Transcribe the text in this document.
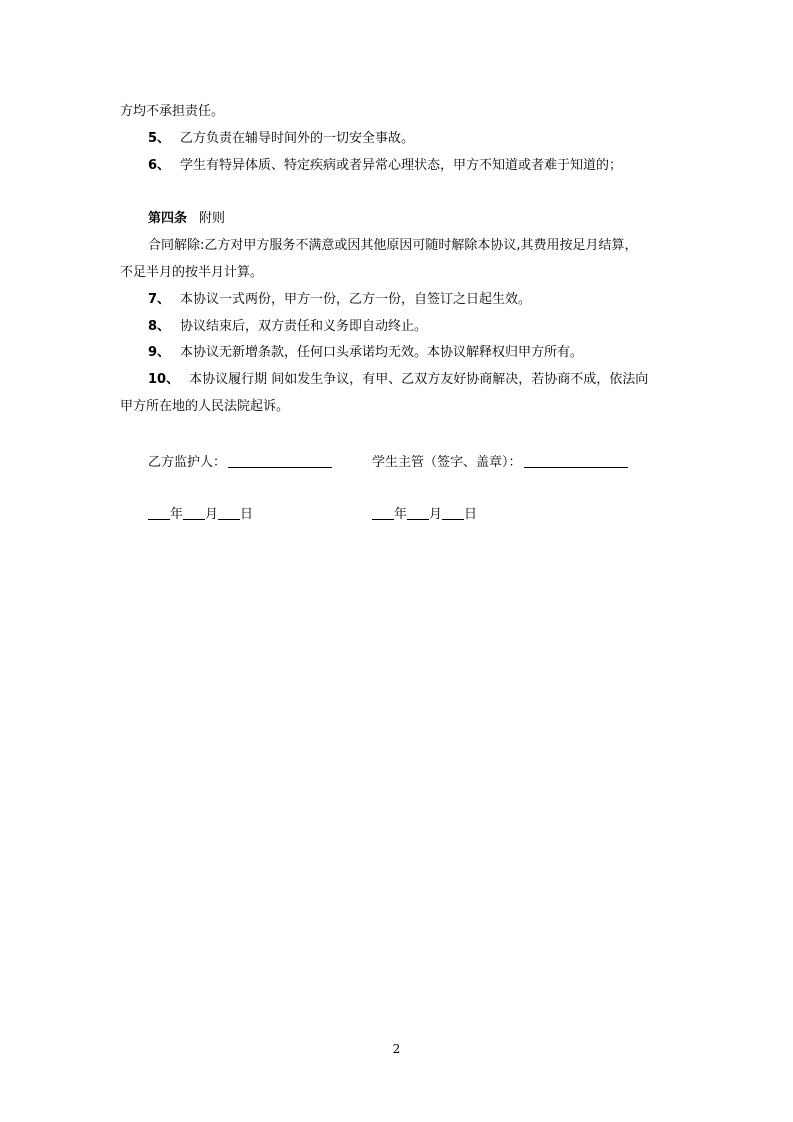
方均不承担责任。
5、 乙方负责在辅导时间外的一切安全事故。
6、 学生有特异体质、特定疾病或者异常心理状态，甲方不知道或者难于知道的；
第四条 附则
合同解除:乙方对甲方服务不满意或因其他原因可随时解除本协议,其费用按足月结算，
不足半月的按半月计算。
7、 本协议一式两份，甲方一份，乙方一份，自签订之日起生效。
8、 协议结束后，双方责任和义务即自动终止。
9、 本协议无新增条款，任何口头承诺均无效。本协议解释权归甲方所有。
10、 本协议履行期 间如发生争议，有甲、乙双方友好协商解决，若协商不成，依法向
甲方所在地的人民法院起诉。
乙方监护人：	学生主管（签字、盖章）：
年 月 日	年 月 日
2
